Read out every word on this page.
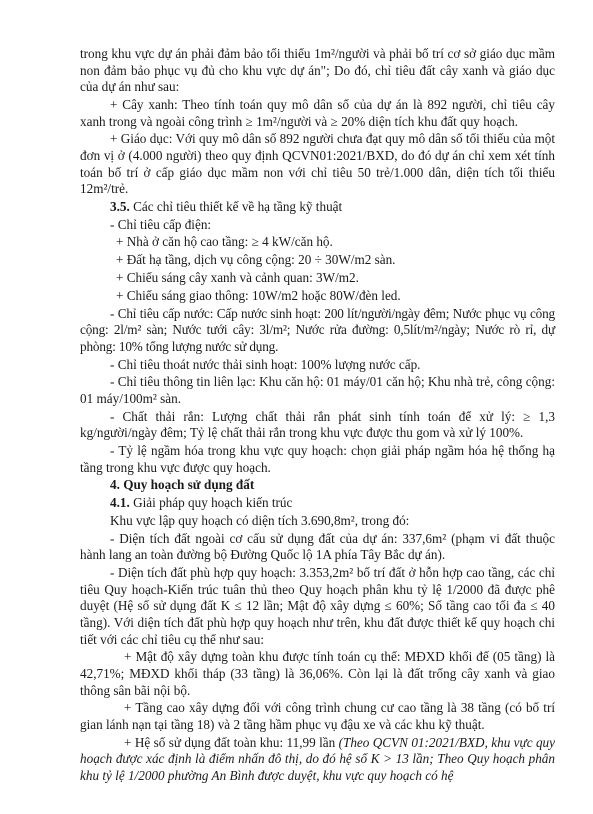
trong khu vực dự án phải đảm bảo tối thiểu 1m²/người và phải bố trí cơ sở giáo dục mầm non đảm bảo phục vụ đủ cho khu vực dự án"; Do đó, chỉ tiêu đất cây xanh và giáo dục của dự án như sau:

+ Cây xanh: Theo tính toán quy mô dân số của dự án là 892 người, chỉ tiêu cây xanh trong và ngoài công trình ≥ 1m²/người và ≥ 20% diện tích khu đất quy hoạch.

+ Giáo dục: Với quy mô dân số 892 người chưa đạt quy mô dân số tối thiểu của một đơn vị ở (4.000 người) theo quy định QCVN01:2021/BXD, do đó dự án chỉ xem xét tính toán bố trí ở cấp giáo dục mầm non với chỉ tiêu 50 trẻ/1.000 dân, diện tích tối thiểu 12m²/trẻ.

3.5. Các chỉ tiêu thiết kế về hạ tầng kỹ thuật

- Chỉ tiêu cấp điện:

+ Nhà ở căn hộ cao tầng: ≥ 4 kW/căn hộ.

+ Đất hạ tầng, dịch vụ công cộng: 20 ÷ 30W/m2 sàn.

+ Chiếu sáng cây xanh và cảnh quan: 3W/m2.

+ Chiếu sáng giao thông: 10W/m2 hoặc 80W/đèn led.

- Chỉ tiêu cấp nước: Cấp nước sinh hoạt: 200 lít/người/ngày đêm; Nước phục vụ công cộng: 2l/m² sàn; Nước tưới cây: 3l/m²; Nước rửa đường: 0,5lít/m²/ngày; Nước rò rỉ, dự phòng: 10% tổng lượng nước sử dụng.

- Chỉ tiêu thoát nước thải sinh hoạt: 100% lượng nước cấp.

- Chỉ tiêu thông tin liên lạc: Khu căn hộ: 01 máy/01 căn hộ; Khu nhà trẻ, công cộng: 01 máy/100m² sàn.

- Chất thải rắn: Lượng chất thải rắn phát sinh tính toán để xử lý: ≥ 1,3 kg/người/ngày đêm; Tỷ lệ chất thải rắn trong khu vực được thu gom và xử lý 100%.

- Tỷ lệ ngầm hóa trong khu vực quy hoạch: chọn giải pháp ngầm hóa hệ thống hạ tầng trong khu vực được quy hoạch.

4. Quy hoạch sử dụng đất

4.1. Giải pháp quy hoạch kiến trúc

Khu vực lập quy hoạch có diện tích 3.690,8m², trong đó:

- Diện tích đất ngoài cơ cấu sử dụng đất của dự án: 337,6m² (phạm vi đất thuộc hành lang an toàn đường bộ Đường Quốc lộ 1A phía Tây Bắc dự án).

- Diện tích đất phù hợp quy hoạch: 3.353,2m² bố trí đất ở hỗn hợp cao tầng, các chỉ tiêu Quy hoạch-Kiến trúc tuân thủ theo Quy hoạch phân khu tỷ lệ 1/2000 đã được phê duyệt (Hệ số sử dụng đất K ≤ 12 lần; Mật độ xây dựng ≤ 60%; Số tầng cao tối đa ≤ 40 tầng). Với diện tích đất phù hợp quy hoạch như trên, khu đất được thiết kế quy hoạch chi tiết với các chỉ tiêu cụ thể như sau:

+ Mật độ xây dựng toàn khu được tính toán cụ thể: MĐXD khối đế (05 tầng) là 42,71%; MĐXD khối tháp (33 tầng) là 36,06%. Còn lại là đất trống cây xanh và giao thông sân bãi nội bộ.

+ Tầng cao xây dựng đối với công trình chung cư cao tầng là 38 tầng (có bố trí gian lánh nạn tại tầng 18) và 2 tầng hầm phục vụ đậu xe và các khu kỹ thuật.

+ Hệ số sử dụng đất toàn khu: 11,99 lần (Theo QCVN 01:2021/BXD, khu vực quy hoạch được xác định là điểm nhấn đô thị, do đó hệ số K > 13 lần; Theo Quy hoạch phân khu tỷ lệ 1/2000 phường An Bình được duyệt, khu vực quy hoạch có hệ
